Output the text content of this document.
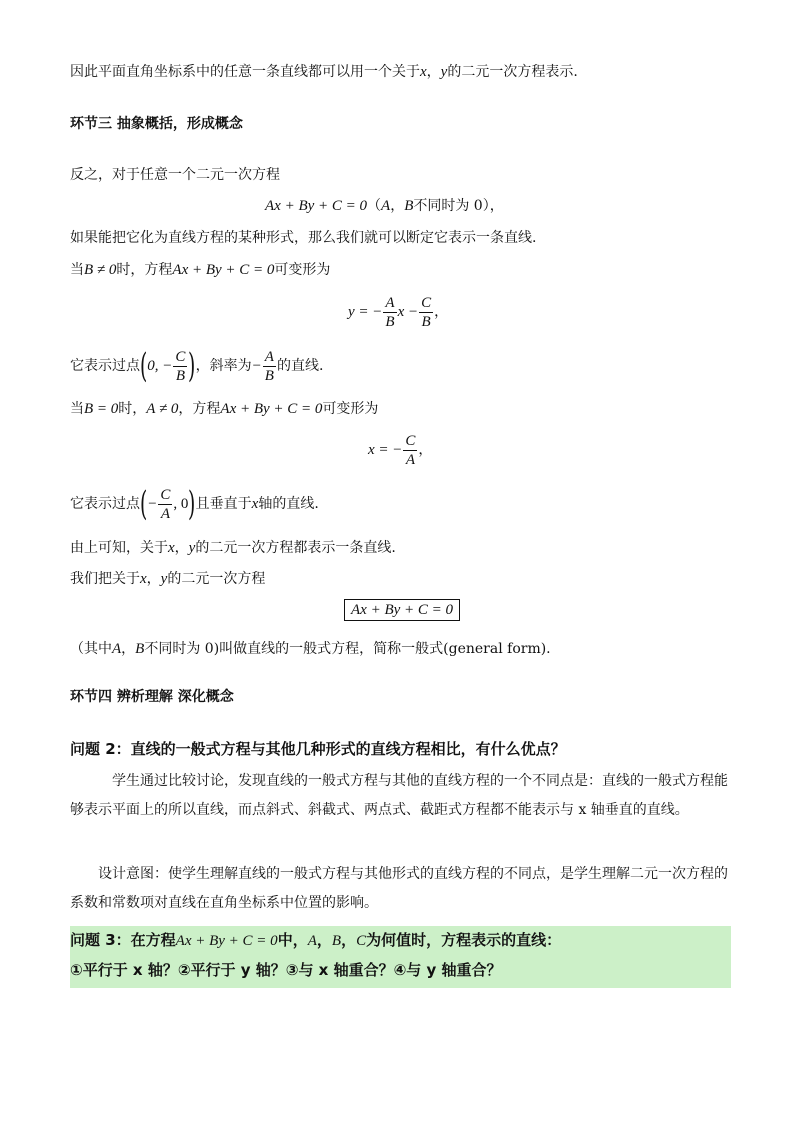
因此平面直角坐标系中的任意一条直线都可以用一个关于x，y的二元一次方程表示.
环节三 抽象概括，形成概念
反之，对于任意一个二元一次方程
Ax + By + C = 0（A，B不同时为 0），
如果能把它化为直线方程的某种形式，那么我们就可以断定它表示一条直线.
当B ≠ 0时，方程Ax + By + C = 0可变形为
y = − $\frac{A}{B}$ $x - \frac{C}{B}$ ，
它表示过点(0, − $\frac{C}{B}$ )，斜率为− $\frac{A}{B}$ 的直线.
当B = 0时，A ≠ 0，方程Ax + By + C = 0可变形为
x = − $\frac{C}{A}$ ，
它表示过点(− $\frac{C}{A}$ , 0)且垂直于x轴的直线.
由上可知，关于x，y的二元一次方程都表示一条直线.
我们把关于x，y的二元一次方程
Ax + By + C = 0
（其中A，B不同时为 0)叫做直线的一般式方程，简称一般式(general form).
环节四 辨析理解 深化概念
问题 2：直线的一般式方程与其他几种形式的直线方程相比，有什么优点？
学生通过比较讨论，发现直线的一般式方程与其他的直线方程的一个不同点是：直线的一般式方程能够表示平面上的所以直线，而点斜式、斜截式、两点式、截距式方程都不能表示与 x 轴垂直的直线。
设计意图：使学生理解直线的一般式方程与其他形式的直线方程的不同点，是学生理解二元一次方程的系数和常数项对直线在直角坐标系中位置的影响。
问题 3：在方程Ax + By + C = 0中，A，B，C为何值时，方程表示的直线：
①平行于 x 轴？②平行于 y 轴？③与 x 轴重合？④与 y 轴重合？
